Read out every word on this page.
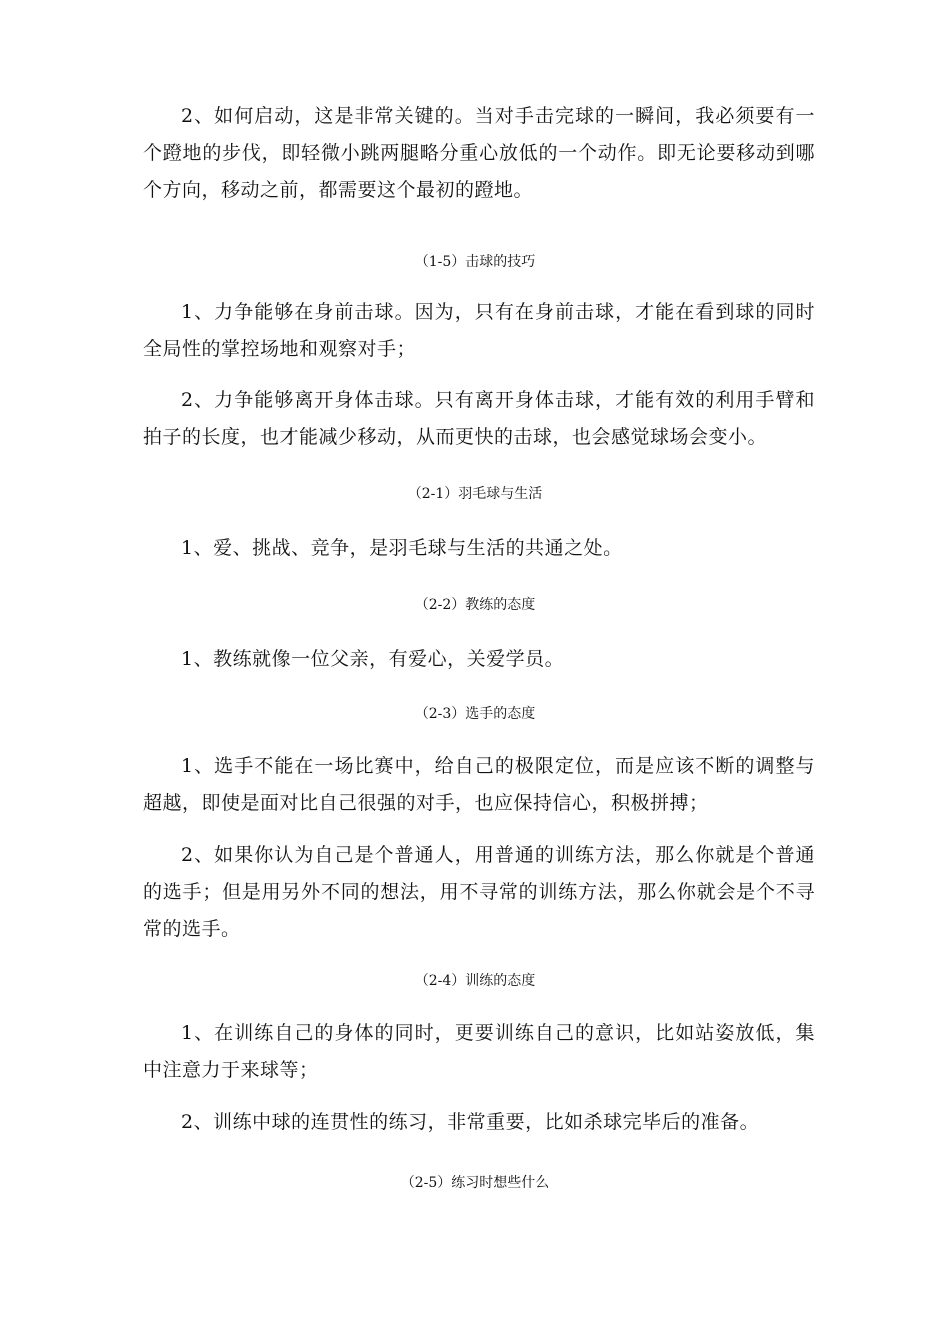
2、如何启动，这是非常关键的。当对手击完球的一瞬间，我必须要有一个蹬地的步伐，即轻微小跳两腿略分重心放低的一个动作。即无论要移动到哪个方向，移动之前，都需要这个最初的蹬地。

（1-5）击球的技巧

1、力争能够在身前击球。因为，只有在身前击球，才能在看到球的同时全局性的掌控场地和观察对手；

2、力争能够离开身体击球。只有离开身体击球，才能有效的利用手臂和拍子的长度，也才能减少移动，从而更快的击球，也会感觉球场会变小。

（2-1）羽毛球与生活

1、爱、挑战、竞争，是羽毛球与生活的共通之处。

（2-2）教练的态度

1、教练就像一位父亲，有爱心，关爱学员。

（2-3）选手的态度

1、选手不能在一场比赛中，给自己的极限定位，而是应该不断的调整与超越，即使是面对比自己很强的对手，也应保持信心，积极拼搏；

2、如果你认为自己是个普通人，用普通的训练方法，那么你就是个普通的选手；但是用另外不同的想法，用不寻常的训练方法，那么你就会是个不寻常的选手。

（2-4）训练的态度

1、在训练自己的身体的同时，更要训练自己的意识，比如站姿放低，集中注意力于来球等；

2、训练中球的连贯性的练习，非常重要，比如杀球完毕后的准备。

（2-5）练习时想些什么
